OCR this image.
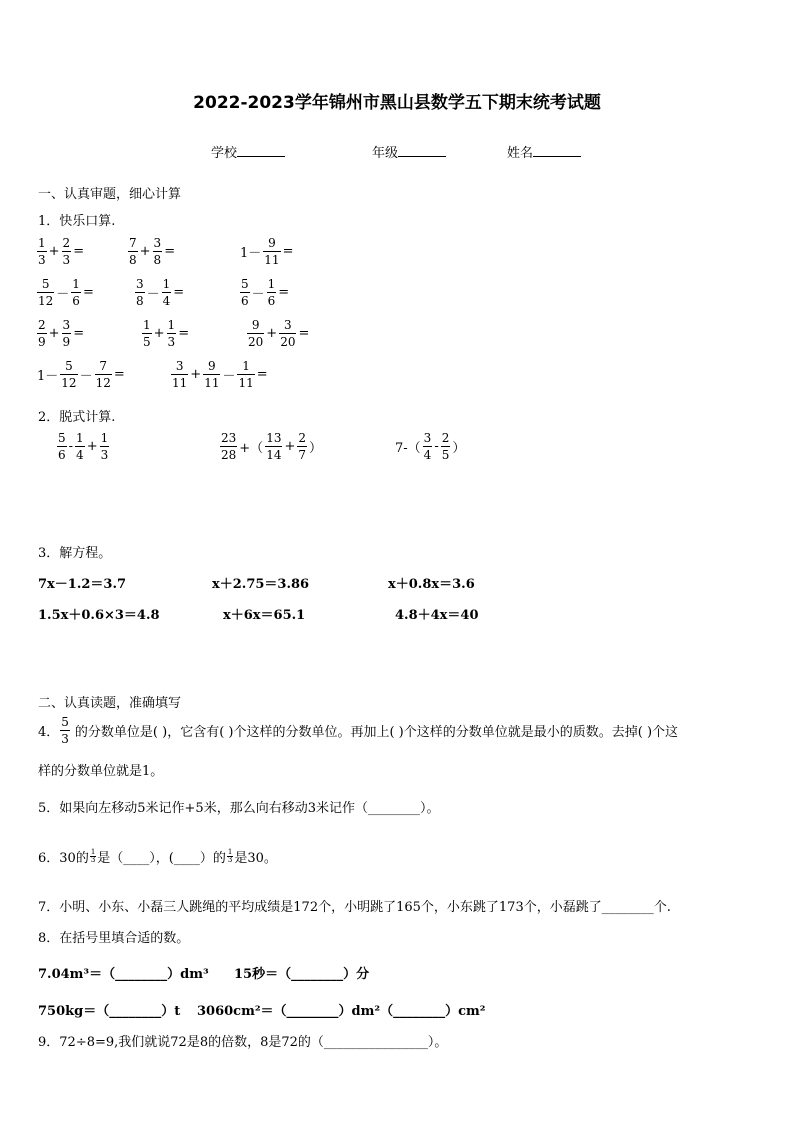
2022-2023学年锦州市黑山县数学五下期末统考试题
学校	年级	姓名
一、认真审题，细心计算
1．快乐口算.
$\frac{1}{3} + \frac{2}{3}$ =	$\frac{7}{8} + \frac{3}{8}$ =	$1- \frac{9}{11}$ =
$\frac{5}{12} - \frac{1}{6}$ =	$\frac{3}{8} - \frac{1}{4}$ =	$\frac{5}{6} - \frac{1}{6}$ =
$\frac{2}{9} + \frac{3}{9}$ =	$\frac{1}{5} + \frac{1}{3}$ =	$\frac{9}{20} + \frac{3}{20}$ =
$1- \frac{5}{12} - \frac{7}{12}$ =	$\frac{3}{11} + \frac{9}{11} - \frac{1}{11}$ =
2．脱式计算.
$\frac{5}{6} - \frac{1}{4} + \frac{1}{3}$	$\frac{23}{28}$ +（ $\frac{13}{14} + \frac{2}{7}$ ）	$7-( \frac{3}{4} - \frac{2}{5}$ ）
3．解方程。
7x－1.2＝3.7	x＋2.75＝3.86	x＋0.8x＝3.6
1.5x＋0.6×3＝4.8	x＋6x＝65.1	4.8＋4x＝40
二、认真读题，准确填写
4． $\frac{5}{3}$ 的分数单位是( )，它含有( )个这样的分数单位。再加上( )个这样的分数单位就是最小的质数。去掉( )个这
样的分数单位就是1。
5．如果向左移动5米记作+5米，那么向右移动3米记作（________）。
6．30的 $\frac{1}{3}$ 是（____），(____）的 $\frac{1}{3}$ 是30。
7．小明、小东、小磊三人跳绳的平均成绩是172个，小明跳了165个，小东跳了173个，小磊跳了________个.
8．在括号里填合适的数。
7.04m³＝（________）dm³ 15秒＝（________）分
750kg＝（________）t 3060cm²＝（________）dm²（________）cm²
9．72÷8=9,我们就说72是8的倍数，8是72的（________________）。
